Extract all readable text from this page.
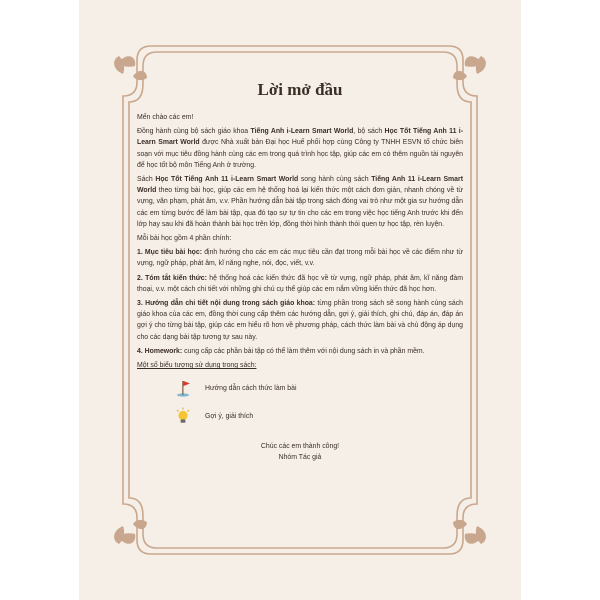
Lời mở đầu

Mến chào các em!

Đồng hành cùng bộ sách giáo khoa Tiếng Anh i-Learn Smart World, bộ sách Học Tốt Tiếng Anh 11 i-Learn Smart World được Nhà xuất bản Đại học Huế phối hợp cùng Công ty TNHH ESVN tổ chức biên soạn với mục tiêu đồng hành cùng các em trong quá trình học tập, giúp các em có thêm nguồn tài nguyên để học tốt bộ môn Tiếng Anh ở trường.

Sách Học Tốt Tiếng Anh 11 i-Learn Smart World song hành cùng sách Tiếng Anh 11 i-Learn Smart World theo từng bài học, giúp các em hệ thống hoá lại kiến thức một cách đơn giản, nhanh chóng về từ vựng, văn phạm, phát âm, v.v. Phần hướng dẫn bài tập trong sách đóng vai trò như một gia sư hướng dẫn các em từng bước để làm bài tập, qua đó tạo sự tự tin cho các em trong việc học tiếng Anh trước khi đến lớp hay sau khi đã hoàn thành bài học trên lớp, đồng thời hình thành thói quen tự học tập, rèn luyện.

Mỗi bài học gồm 4 phần chính:

1. Mục tiêu bài học: định hướng cho các em các mục tiêu cần đạt trong mỗi bài học về các điểm như từ vựng, ngữ pháp, phát âm, kĩ năng nghe, nói, đọc, viết, v.v.

2. Tóm tắt kiến thức: hệ thống hoá các kiến thức đã học về từ vựng, ngữ pháp, phát âm, kĩ năng đàm thoại, v.v. một cách chi tiết với những ghi chú cụ thể giúp các em nắm vững kiến thức đã học hơn.

3. Hướng dẫn chi tiết nội dung trong sách giáo khoa: từng phần trong sách sẽ song hành cùng sách giáo khoa của các em, đồng thời cung cấp thêm các hướng dẫn, gợi ý, giải thích, ghi chú, đáp án, đáp án gợi ý cho từng bài tập, giúp các em hiểu rõ hơn về phương pháp, cách thức làm bài và chủ động áp dụng cho các dạng bài tập tương tự sau này.

4. Homework: cung cấp các phần bài tập có thể làm thêm với nội dung sách in và phần mềm.

Một số biểu tượng sử dụng trong sách:

Hướng dẫn cách thức làm bài
Gợi ý, giải thích
Chúc các em thành công!
Nhóm Tác giả
